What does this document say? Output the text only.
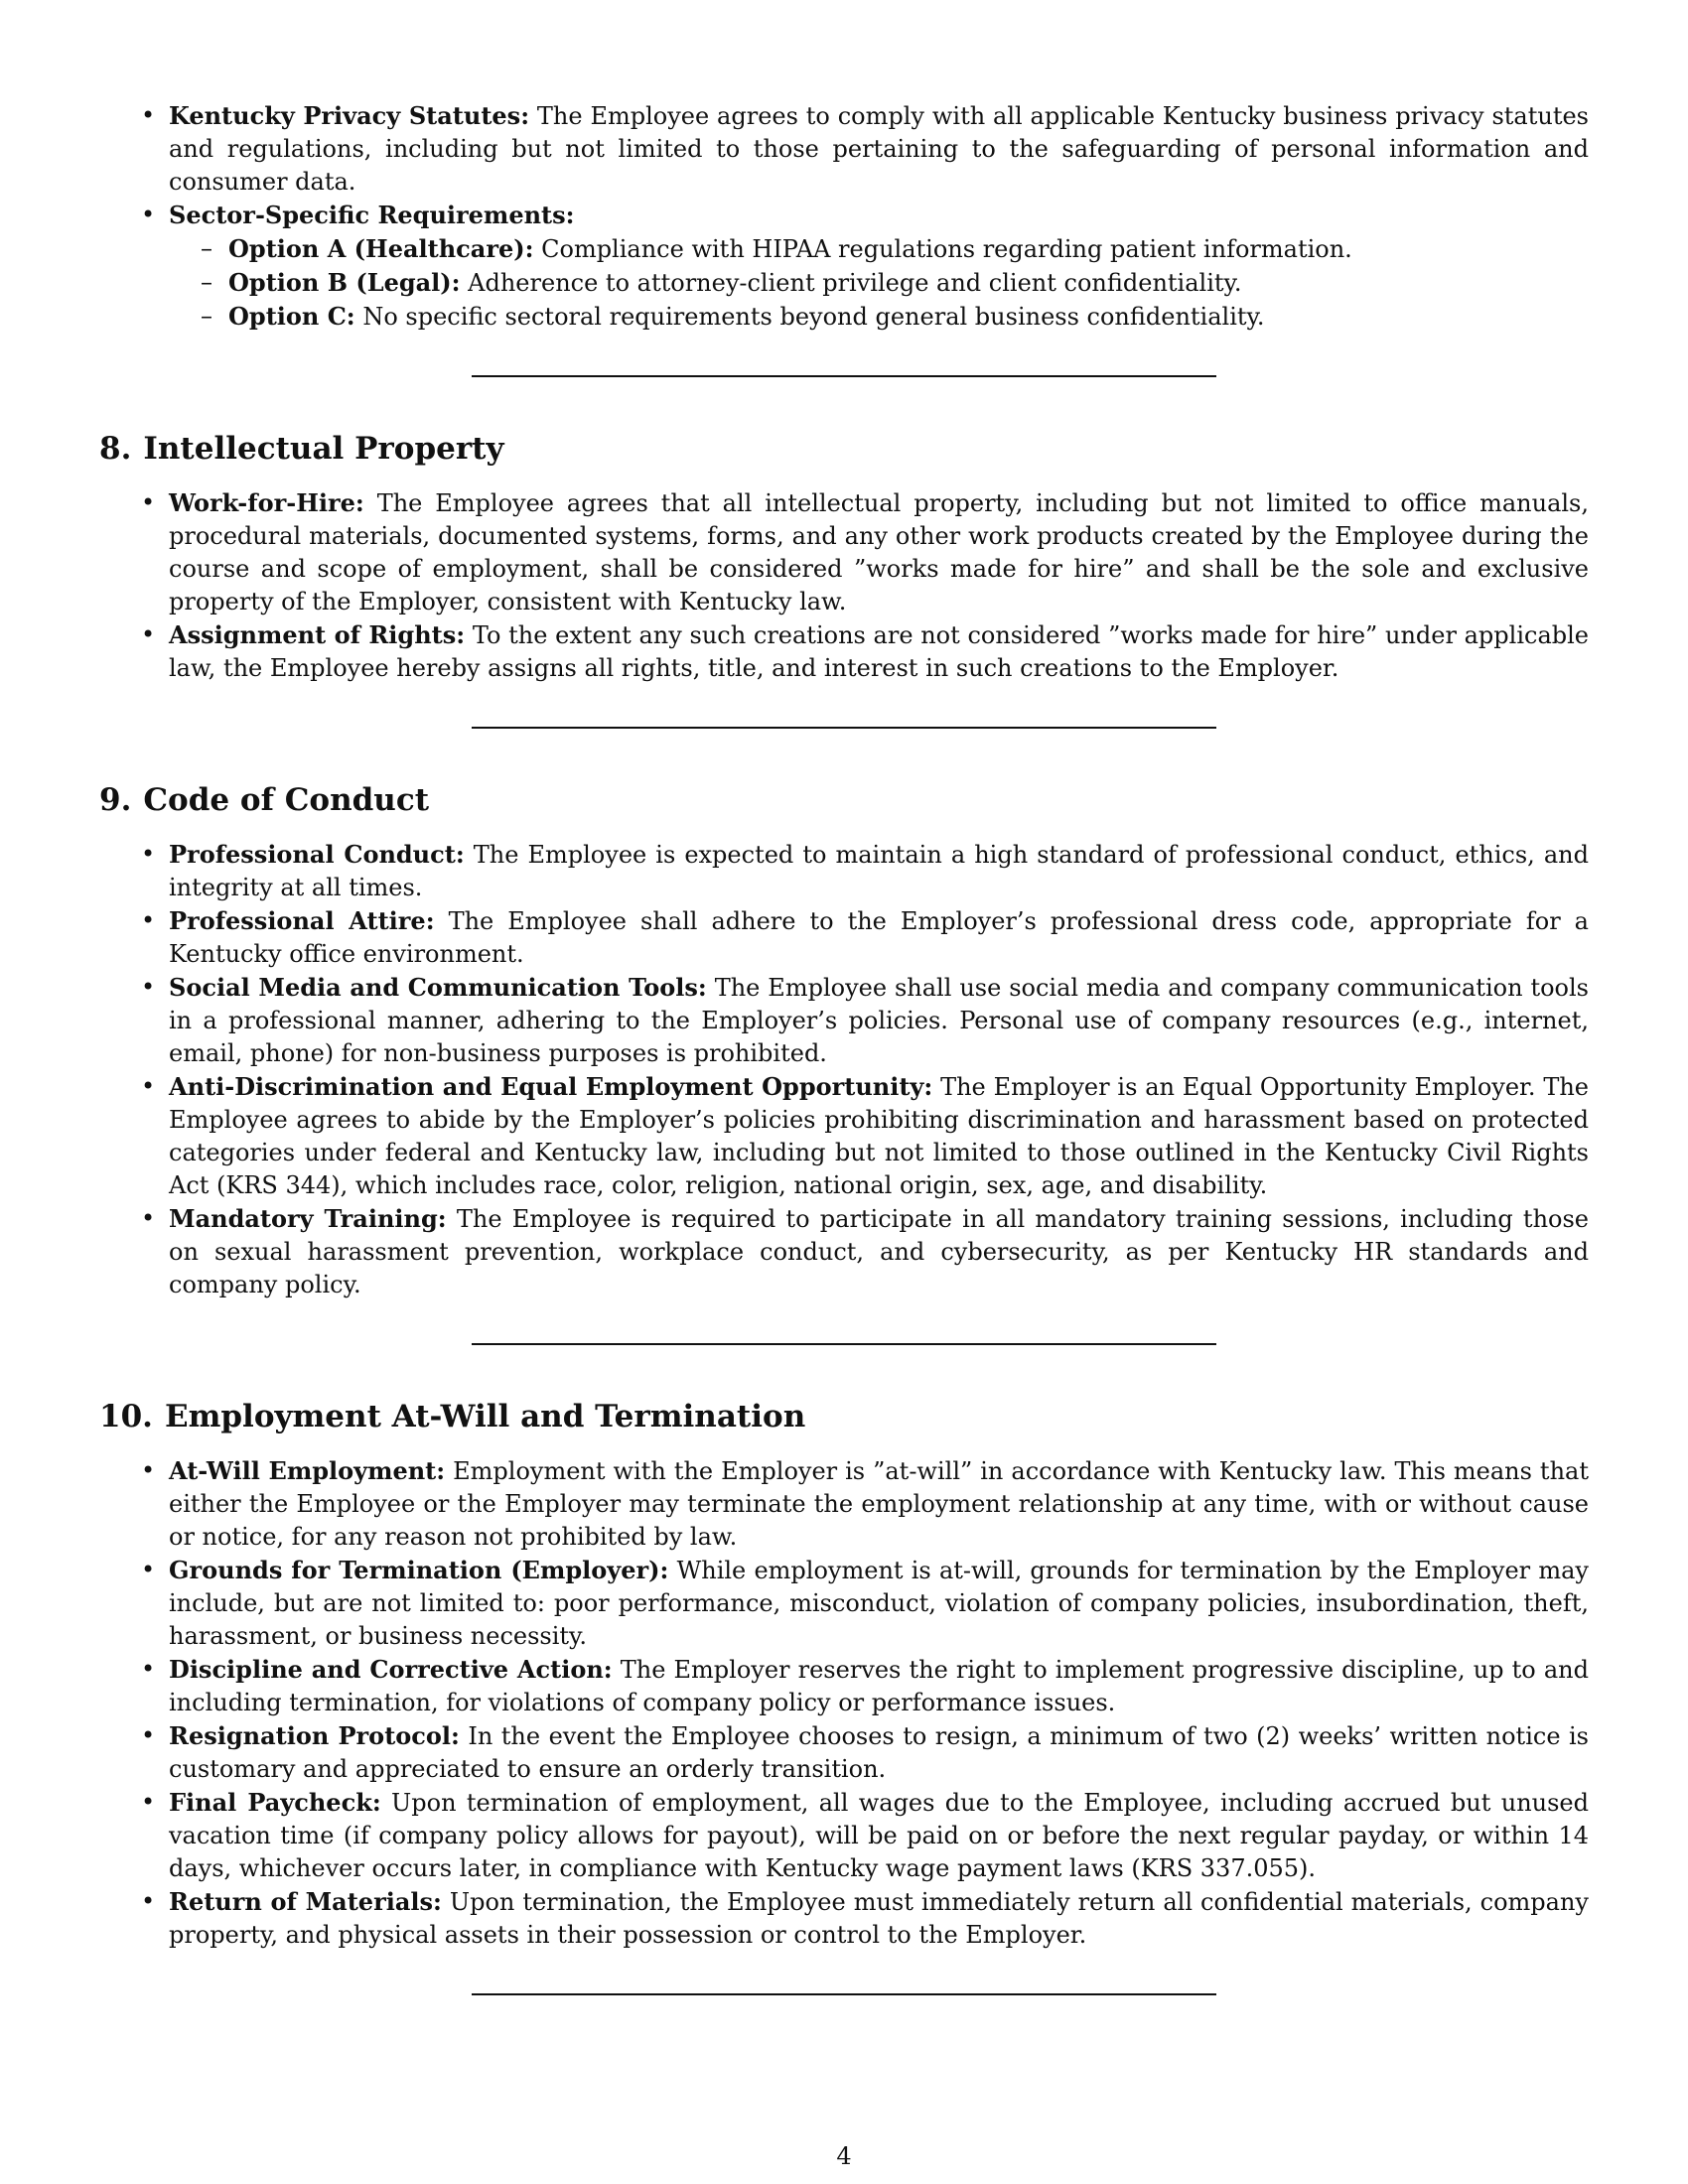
• Kentucky Privacy Statutes: The Employee agrees to comply with all applicable Kentucky business privacy statutes and regulations, including but not limited to those pertaining to the safeguarding of personal information and consumer data.
• Sector-Specific Requirements:
– Option A (Healthcare): Compliance with HIPAA regulations regarding patient information.
– Option B (Legal): Adherence to attorney-client privilege and client confidentiality.
– Option C: No specific sectoral requirements beyond general business confidentiality.
8. Intellectual Property
• Work-for-Hire: The Employee agrees that all intellectual property, including but not limited to office manuals, procedural materials, documented systems, forms, and any other work products created by the Employee during the course and scope of employment, shall be considered ”works made for hire” and shall be the sole and exclusive property of the Employer, consistent with Kentucky law.
• Assignment of Rights: To the extent any such creations are not considered ”works made for hire” under applicable law, the Employee hereby assigns all rights, title, and interest in such creations to the Employer.
9. Code of Conduct
• Professional Conduct: The Employee is expected to maintain a high standard of professional conduct, ethics, and integrity at all times.
• Professional Attire: The Employee shall adhere to the Employer’s professional dress code, appropriate for a Kentucky office environment.
• Social Media and Communication Tools: The Employee shall use social media and company communication tools in a professional manner, adhering to the Employer’s policies. Personal use of company resources (e.g., internet, email, phone) for non-business purposes is prohibited.
• Anti-Discrimination and Equal Employment Opportunity: The Employer is an Equal Opportunity Employer. The Employee agrees to abide by the Employer’s policies prohibiting discrimination and harassment based on protected categories under federal and Kentucky law, including but not limited to those outlined in the Kentucky Civil Rights Act (KRS 344), which includes race, color, religion, national origin, sex, age, and disability.
• Mandatory Training: The Employee is required to participate in all mandatory training sessions, including those on sexual harassment prevention, workplace conduct, and cybersecurity, as per Kentucky HR standards and company policy.
10. Employment At-Will and Termination
• At-Will Employment: Employment with the Employer is ”at-will” in accordance with Kentucky law. This means that either the Employee or the Employer may terminate the employment relationship at any time, with or without cause or notice, for any reason not prohibited by law.
• Grounds for Termination (Employer): While employment is at-will, grounds for termination by the Employer may include, but are not limited to: poor performance, misconduct, violation of company policies, insubordination, theft, harassment, or business necessity.
• Discipline and Corrective Action: The Employer reserves the right to implement progressive discipline, up to and including termination, for violations of company policy or performance issues.
• Resignation Protocol: In the event the Employee chooses to resign, a minimum of two (2) weeks’ written notice is customary and appreciated to ensure an orderly transition.
• Final Paycheck: Upon termination of employment, all wages due to the Employee, including accrued but unused vacation time (if company policy allows for payout), will be paid on or before the next regular payday, or within 14 days, whichever occurs later, in compliance with Kentucky wage payment laws (KRS 337.055).
• Return of Materials: Upon termination, the Employee must immediately return all confidential materials, company property, and physical assets in their possession or control to the Employer.
4
